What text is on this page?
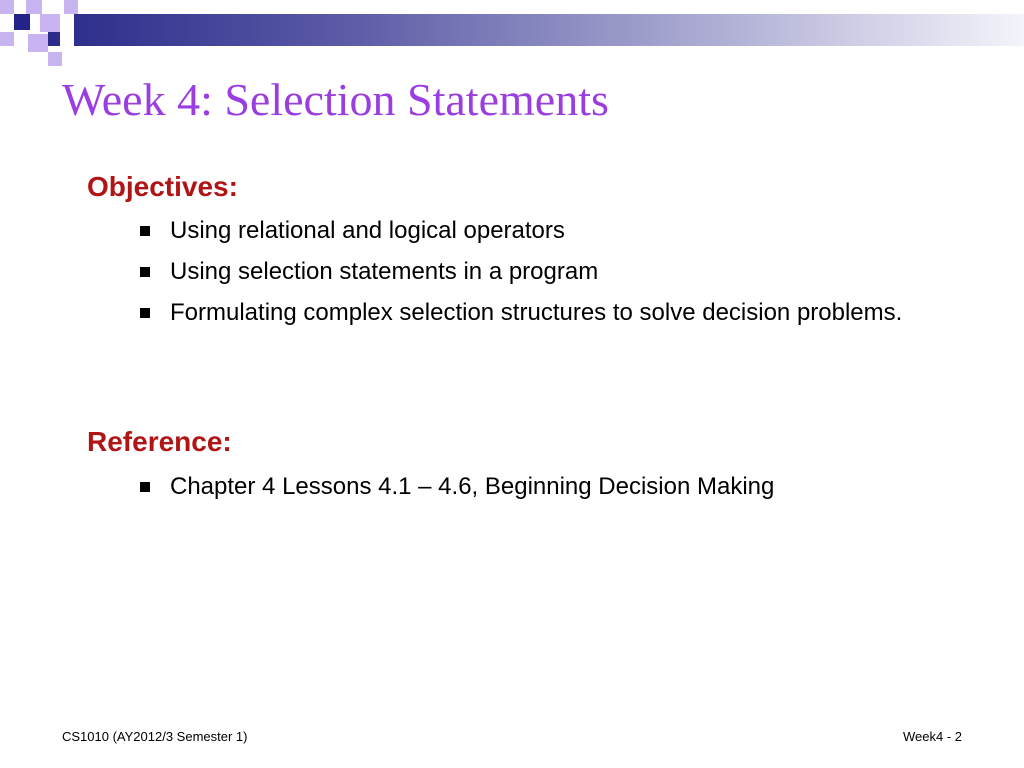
Week 4: Selection Statements
Objectives:
Using relational and logical operators
Using selection statements in a program
Formulating complex selection structures to solve decision problems.
Reference:
Chapter 4 Lessons 4.1 – 4.6, Beginning Decision Making
CS1010 (AY2012/3 Semester 1)	Week4 - 2
